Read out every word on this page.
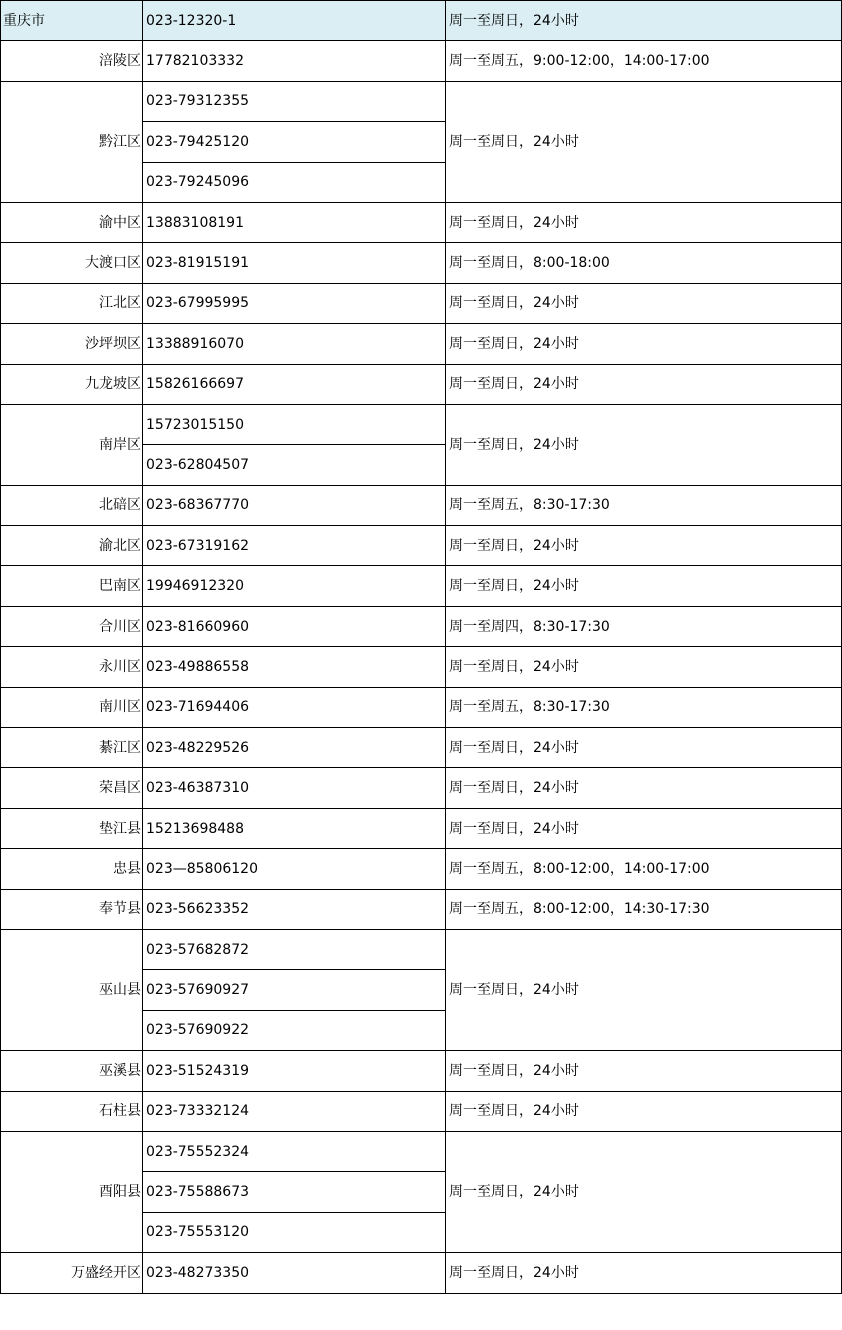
重庆市	023-12320-1	周一至周日，24小时
涪陵区	17782103332	周一至周五，9:00-12:00，14:00-17:00
黔江区	023-79312355	周一至周日，24小时
	023-79425120	
	023-79245096	
渝中区	13883108191	周一至周日，24小时
大渡口区	023-81915191	周一至周日，8:00-18:00
江北区	023-67995995	周一至周日，24小时
沙坪坝区	13388916070	周一至周日，24小时
九龙坡区	15826166697	周一至周日，24小时
南岸区	15723015150	周一至周日，24小时
	023-62804507	
北碚区	023-68367770	周一至周五，8:30-17:30
渝北区	023-67319162	周一至周日，24小时
巴南区	19946912320	周一至周日，24小时
合川区	023-81660960	周一至周四，8:30-17:30
永川区	023-49886558	周一至周日，24小时
南川区	023-71694406	周一至周五，8:30-17:30
綦江区	023-48229526	周一至周日，24小时
荣昌区	023-46387310	周一至周日，24小时
垫江县	15213698488	周一至周日，24小时
忠县	023—85806120	周一至周五，8:00-12:00，14:00-17:00
奉节县	023-56623352	周一至周五，8:00-12:00，14:30-17:30
巫山县	023-57682872	周一至周日，24小时
	023-57690927	
	023-57690922	
巫溪县	023-51524319	周一至周日，24小时
石柱县	023-73332124	周一至周日，24小时
酉阳县	023-75552324	周一至周日，24小时
	023-75588673	
	023-75553120	
万盛经开区	023-48273350	周一至周日，24小时
